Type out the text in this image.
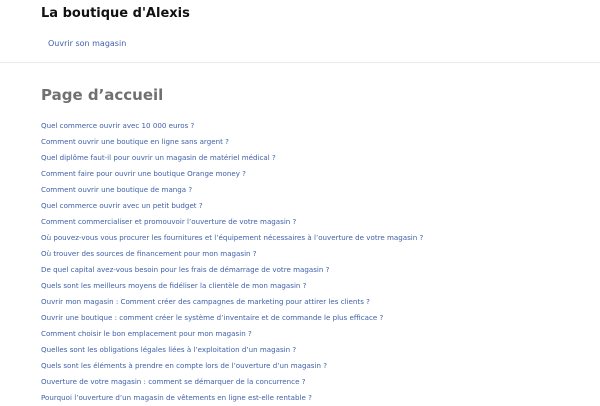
La boutique d'Alexis
Ouvrir son magasin
Page d’accueil
Quel commerce ouvrir avec 10 000 euros ?
Comment ouvrir une boutique en ligne sans argent ?
Quel diplôme faut-il pour ouvrir un magasin de matériel médical ?
Comment faire pour ouvrir une boutique Orange money ?
Comment ouvrir une boutique de manga ?
Quel commerce ouvrir avec un petit budget ?
Comment commercialiser et promouvoir l’ouverture de votre magasin ?
Où pouvez-vous vous procurer les fournitures et l’équipement nécessaires à l’ouverture de votre magasin ?
Où trouver des sources de financement pour mon magasin ?
De quel capital avez-vous besoin pour les frais de démarrage de votre magasin ?
Quels sont les meilleurs moyens de fidéliser la clientèle de mon magasin ?
Ouvrir mon magasin : Comment créer des campagnes de marketing pour attirer les clients ?
Ouvrir une boutique : comment créer le système d’inventaire et de commande le plus efficace ?
Comment choisir le bon emplacement pour mon magasin ?
Quelles sont les obligations légales liées à l’exploitation d’un magasin ?
Quels sont les éléments à prendre en compte lors de l’ouverture d’un magasin ?
Ouverture de votre magasin : comment se démarquer de la concurrence ?
Pourquoi l’ouverture d’un magasin de vêtements en ligne est-elle rentable ?
